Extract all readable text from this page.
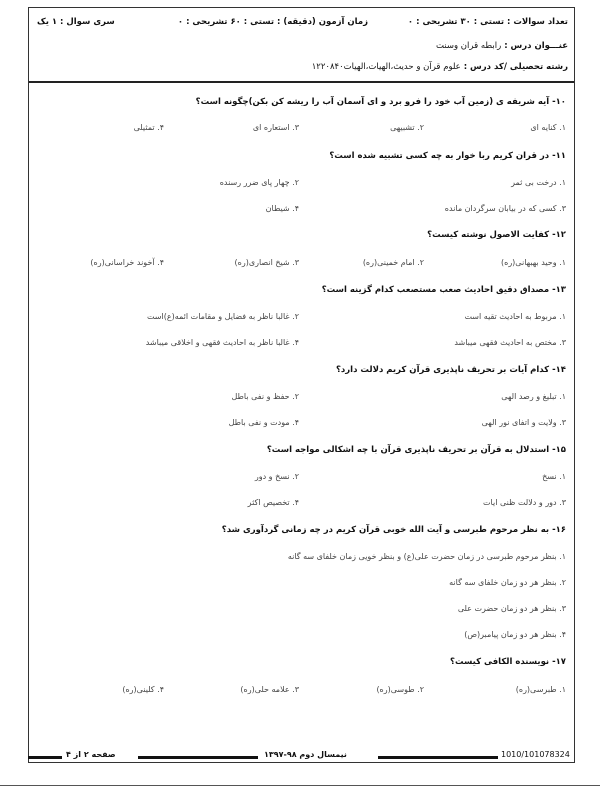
تعداد سوالات : تستی : ۳۰ تشریحی : ۰
زمان آزمون (دقیقه) : تستی : ۶۰ تشریحی : ۰
سری سوال : ۱ یک
عنـــوان درس : رابطه قران وسنت
رشته تحصیلی /کد درس : علوم قرآن و حدیث،الهیات،الهیات۱۲۲۰۸۴۰
۱۰- آیه شریفه ی (زمین آب خود را فرو برد و ای آسمان آب را ریشه کن بکن)چگونه است؟
۱. کنایه ای
۲. تشبیهی
۳. استعاره ای
۴. تمثیلی
۱۱- در قران کریم ربا خوار به چه کسی تشبیه شده است؟
۱. درخت بی ثمر
۲. چهار پای ضرر رسنده
۳. کسی که در بیابان سرگردان مانده
۴. شیطان
۱۲- کفایت الاصول نوشته کیست؟
۱. وحید بهبهانی(ره)
۲. امام خمینی(ره)
۳. شیخ انصاری(ره)
۴. آخوند خراسانی(ره)
۱۳- مصداق دقیق احادیث صعب مستصعب کدام گزینه است؟
۱. مربوط به احادیث تقیه است
۲. غالبا ناظر به فضایل و مقامات ائمه(ع)است
۳. مختص به احادیث فقهی میباشد
۴. غالبا ناظر به احادیث فقهی و اخلاقی میباشد
۱۴- کدام آیات بر تحریف ناپذیری قرآن کریم دلالت دارد؟
۱. تبلیغ و رصد الهی
۲. حفظ و نفی باطل
۳. ولایت و اتفای نور الهی
۴. مودت و نفی باطل
۱۵- استدلال به قرآن بر تحریف ناپذیری قرآن با چه اشکالی مواجه است؟
۱. نسخ
۲. نسخ و دور
۳. دور و دلالت ظنی ایات
۴. تخصیص اکثر
۱۶- به نظر مرحوم طبرسی و آیت الله خوبی قرآن کریم در چه زمانی گردآوری شد؟
۱. بنظر مرحوم طبرسی در زمان حضرت علی(ع) و بنظر خویی زمان خلفای سه گانه
۲. بنظر هر دو زمان خلفای سه گانه
۳. بنظر هر دو زمان حضرت علی
۴. بنظر هر دو زمان پیامبر(ص)
۱۷- نویسنده الکافی کیست؟
۱. طبرسی(ره)
۲. طوسی(ره)
۳. علامه حلی(ره)
۴. کلینی(ره)
صفحه ۲ از ۴	نیمسال دوم ۹۸-۱۳۹۷	1010/101078324
